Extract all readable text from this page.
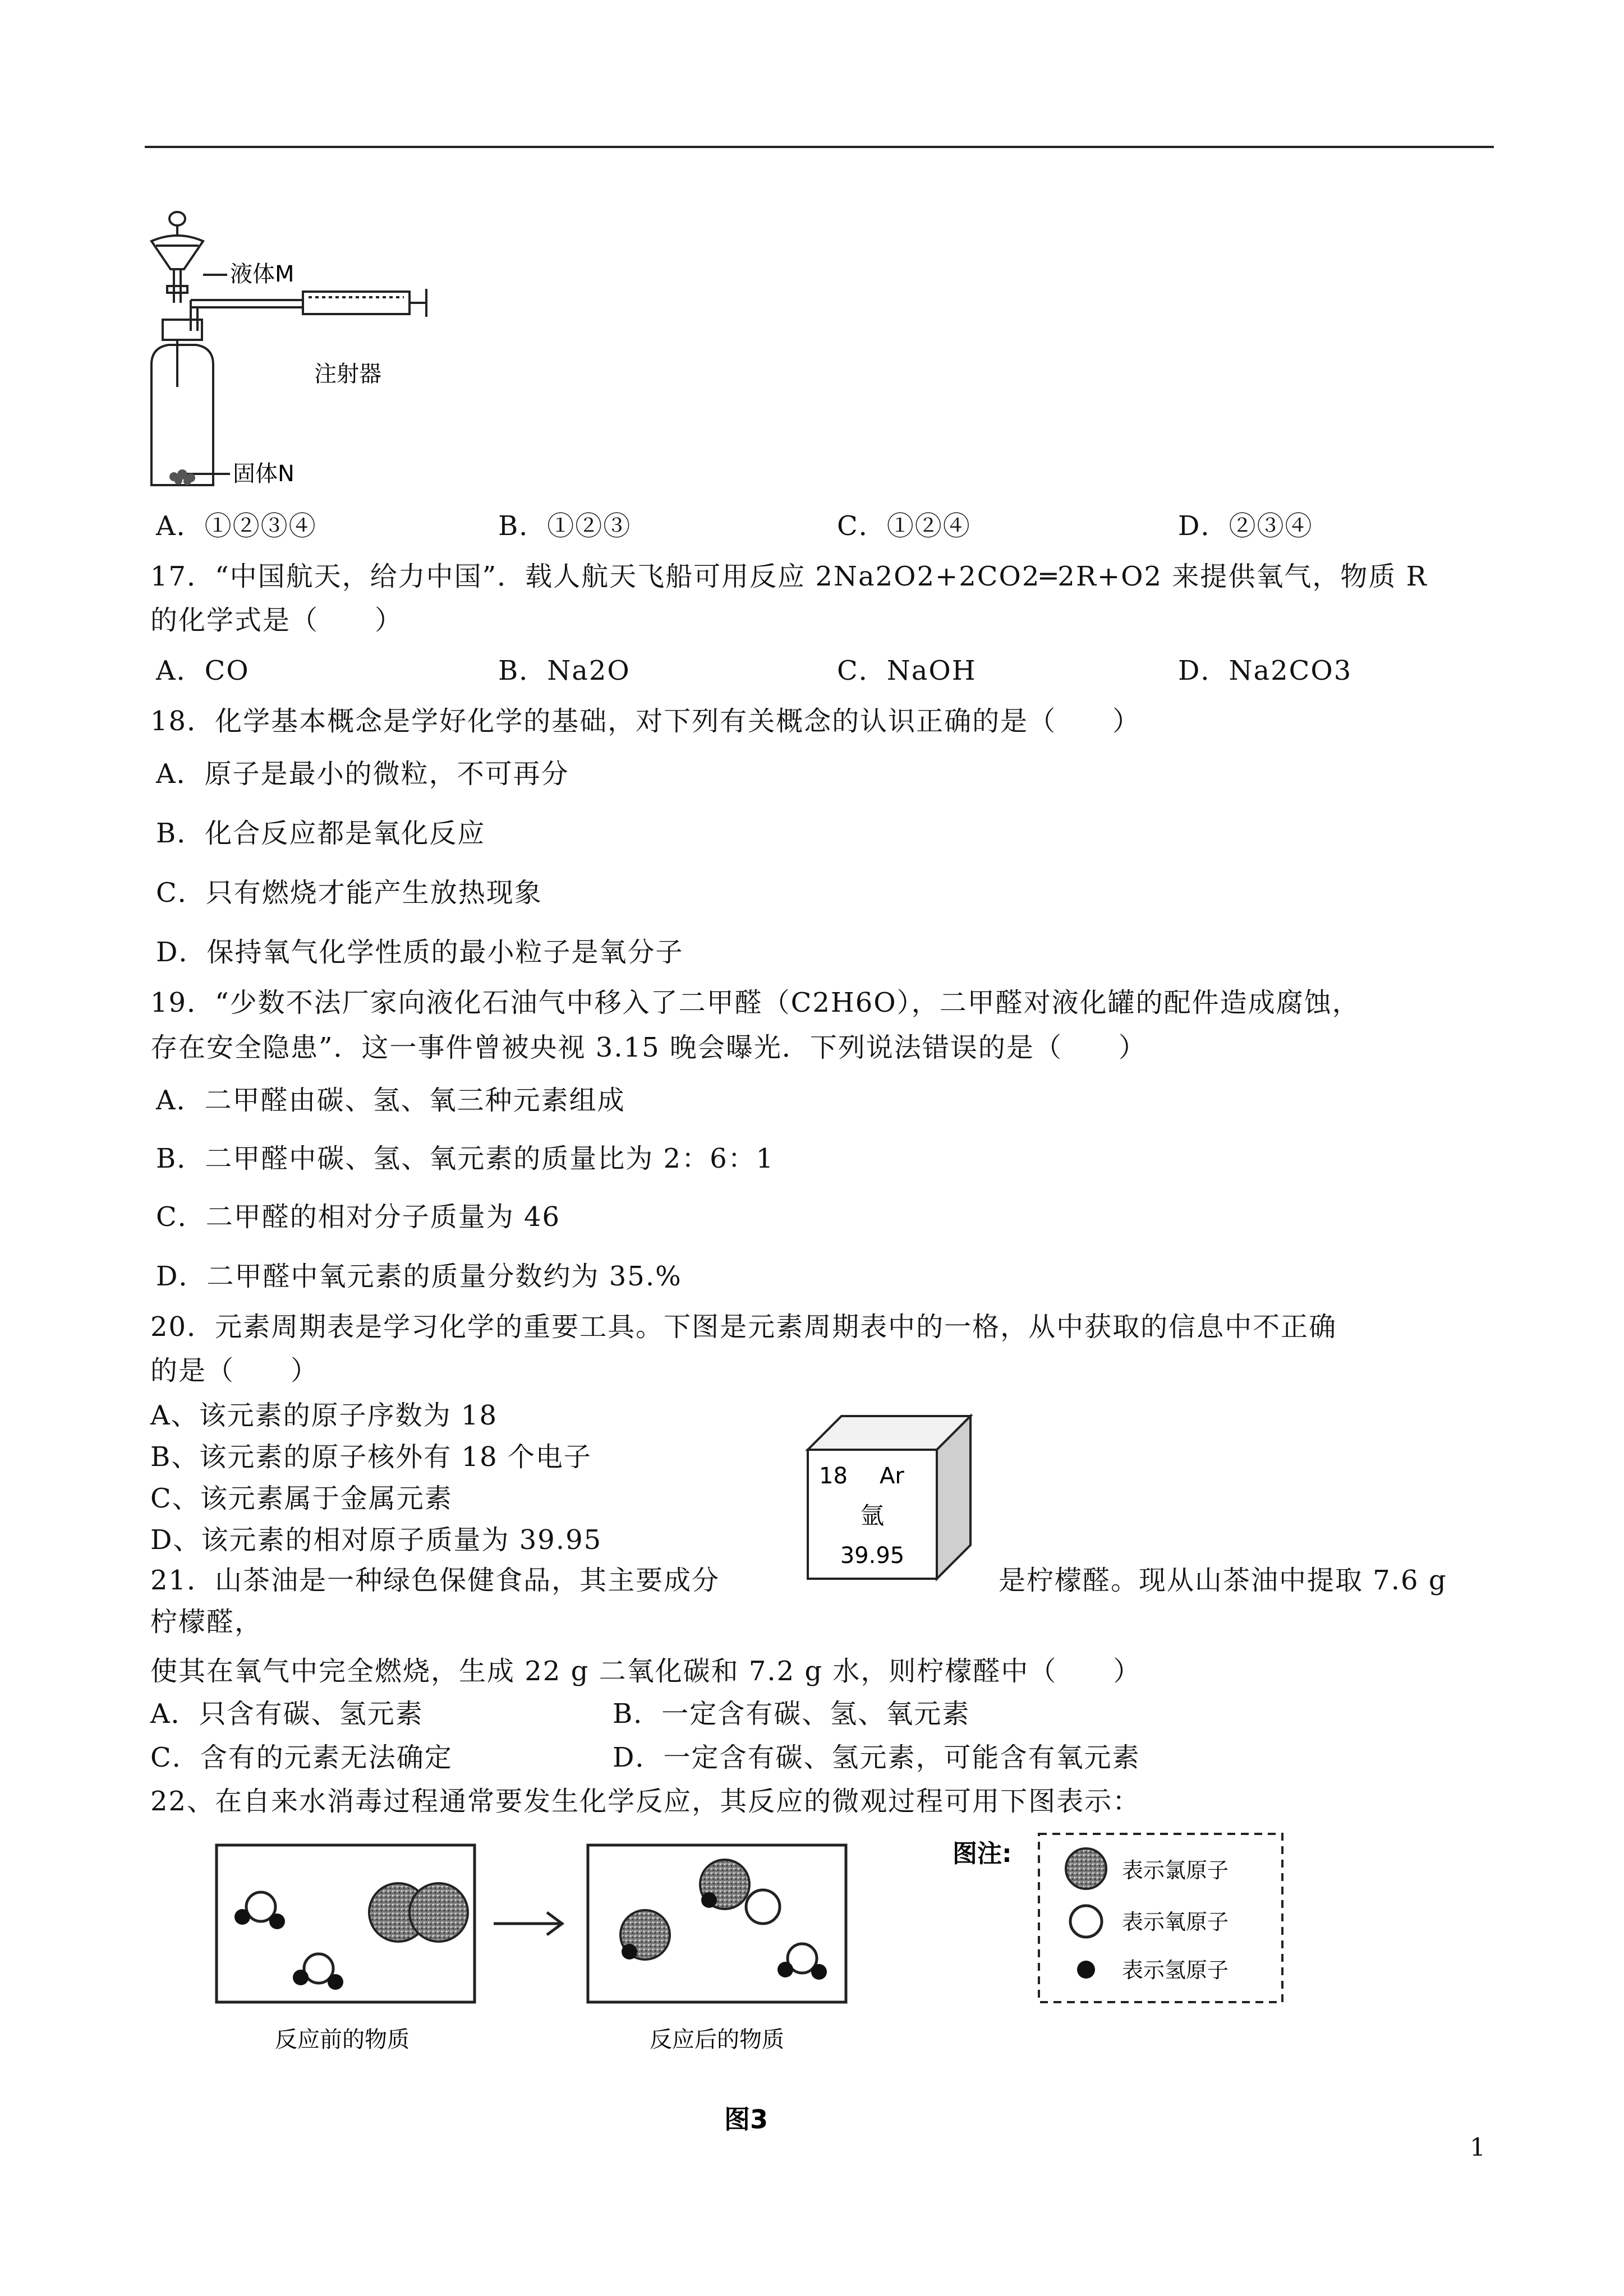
液体M
注射器
固体N
A．①②③④	B．①②③	C．①②④	D．②③④
17．“中国航天，给力中国”．载人航天飞船可用反应 2Na2O2+2CO2═2R+O2 来提供氧气，物质 R
的化学式是（　　）
A．CO	B．Na2O	C．NaOH	D．Na2CO3
18．化学基本概念是学好化学的基础，对下列有关概念的认识正确的是（　　）
A．原子是最小的微粒，不可再分
B．化合反应都是氧化反应
C．只有燃烧才能产生放热现象
D．保持氧气化学性质的最小粒子是氧分子
19．“少数不法厂家向液化石油气中移入了二甲醛（C2H6O），二甲醛对液化罐的配件造成腐蚀，
存在安全隐患”．这一事件曾被央视 3.15 晚会曝光．下列说法错误的是（　　）
A．二甲醛由碳、氢、氧三种元素组成
B．二甲醛中碳、氢、氧元素的质量比为 2：6：1
C．二甲醛的相对分子质量为 46
D．二甲醛中氧元素的质量分数约为 35.%
20．元素周期表是学习化学的重要工具。下图是元素周期表中的一格，从中获取的信息中不正确
的是（　　）
A、该元素的原子序数为 18
B、该元素的原子核外有 18 个电子
C、该元素属于金属元素
D、该元素的相对原子质量为 39.95
18 Ar
氩
39.95
21．山茶油是一种绿色保健食品，其主要成分	是柠檬醛。现从山茶油中提取 7.6 g
柠檬醛，
使其在氧气中完全燃烧，生成 22 g 二氧化碳和 7.2 g 水，则柠檬醛中（　　）
A．只含有碳、氢元素	B．一定含有碳、氢、氧元素
C．含有的元素无法确定	D．一定含有碳、氢元素，可能含有氧元素
22、在自来水消毒过程通常要发生化学反应，其反应的微观过程可用下图表示：
反应前的物质	反应后的物质
图注:
表示氯原子
表示氧原子
表示氢原子
图3
1
